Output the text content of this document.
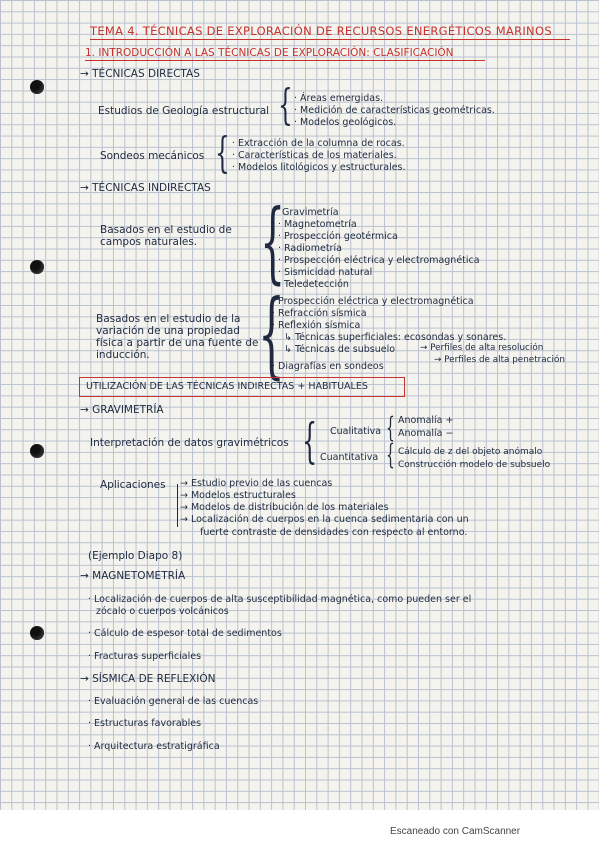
TEMA 4. TÉCNICAS DE EXPLORACIÓN DE RECURSOS ENERGÉTICOS MARINOS
1. INTRODUCCIÓN A LAS TÉCNICAS DE EXPLORACIÓN: CLASIFICACIÓN
→ TÉCNICAS DIRECTAS
Estudios de Geología estructural { · Áreas emergidas.
· Medición de características geométricas.
· Modelos geológicos.
Sondeos mecánicos { · Extracción de la columna de rocas.
· Características de los materiales.
· Modelos litológicos y estructurales.
→ TÉCNICAS INDIRECTAS
Basados en el estudio de
campos naturales. {
Gravimetría
· Magnetometría
· Prospección geotérmica
· Radiometría
· Prospección eléctrica y electromagnética
· Sismicidad natural
· Teledetección
Basados en el estudio de la
variación de una propiedad
física a partir de una fuente de
inducción. {
· Prospección eléctrica y electromagnética
· Refracción sísmica
· Reflexión sísmica
↳ Técnicas superficiales: ecosondas y sonares.
↳ Técnicas de subsuelo	→ Perfiles de alta resolución
→ Perfiles de alta penetración
· Diagrafías en sondeos
UTILIZACIÓN DE LAS TÉCNICAS INDIRECTAS + HABITUALES
→ GRAVIMETRÍA
Interpretación de datos gravimétricos { Cualitativa { Anomalía +
Anomalía −
Cuantitativa { Cálculo de z del objeto anómalo
Construcción modelo de subsuelo
Aplicaciones → Estudio previo de las cuencas
→ Modelos estructurales
→ Modelos de distribución de los materiales
→ Localización de cuerpos en la cuenca sedimentaria con un
fuerte contraste de densidades con respecto al entorno.
(Ejemplo Diapo 8)
→ MAGNETOMETRÍA
· Localización de cuerpos de alta susceptibilidad magnética, como pueden ser el
zócalo o cuerpos volcánicos
· Cálculo de espesor total de sedimentos
· Fracturas superficiales
→ SÍSMICA DE REFLEXIÓN
· Evaluación general de las cuencas
· Estructuras favorables
· Arquitectura estratigráfica
Escaneado con CamScanner
